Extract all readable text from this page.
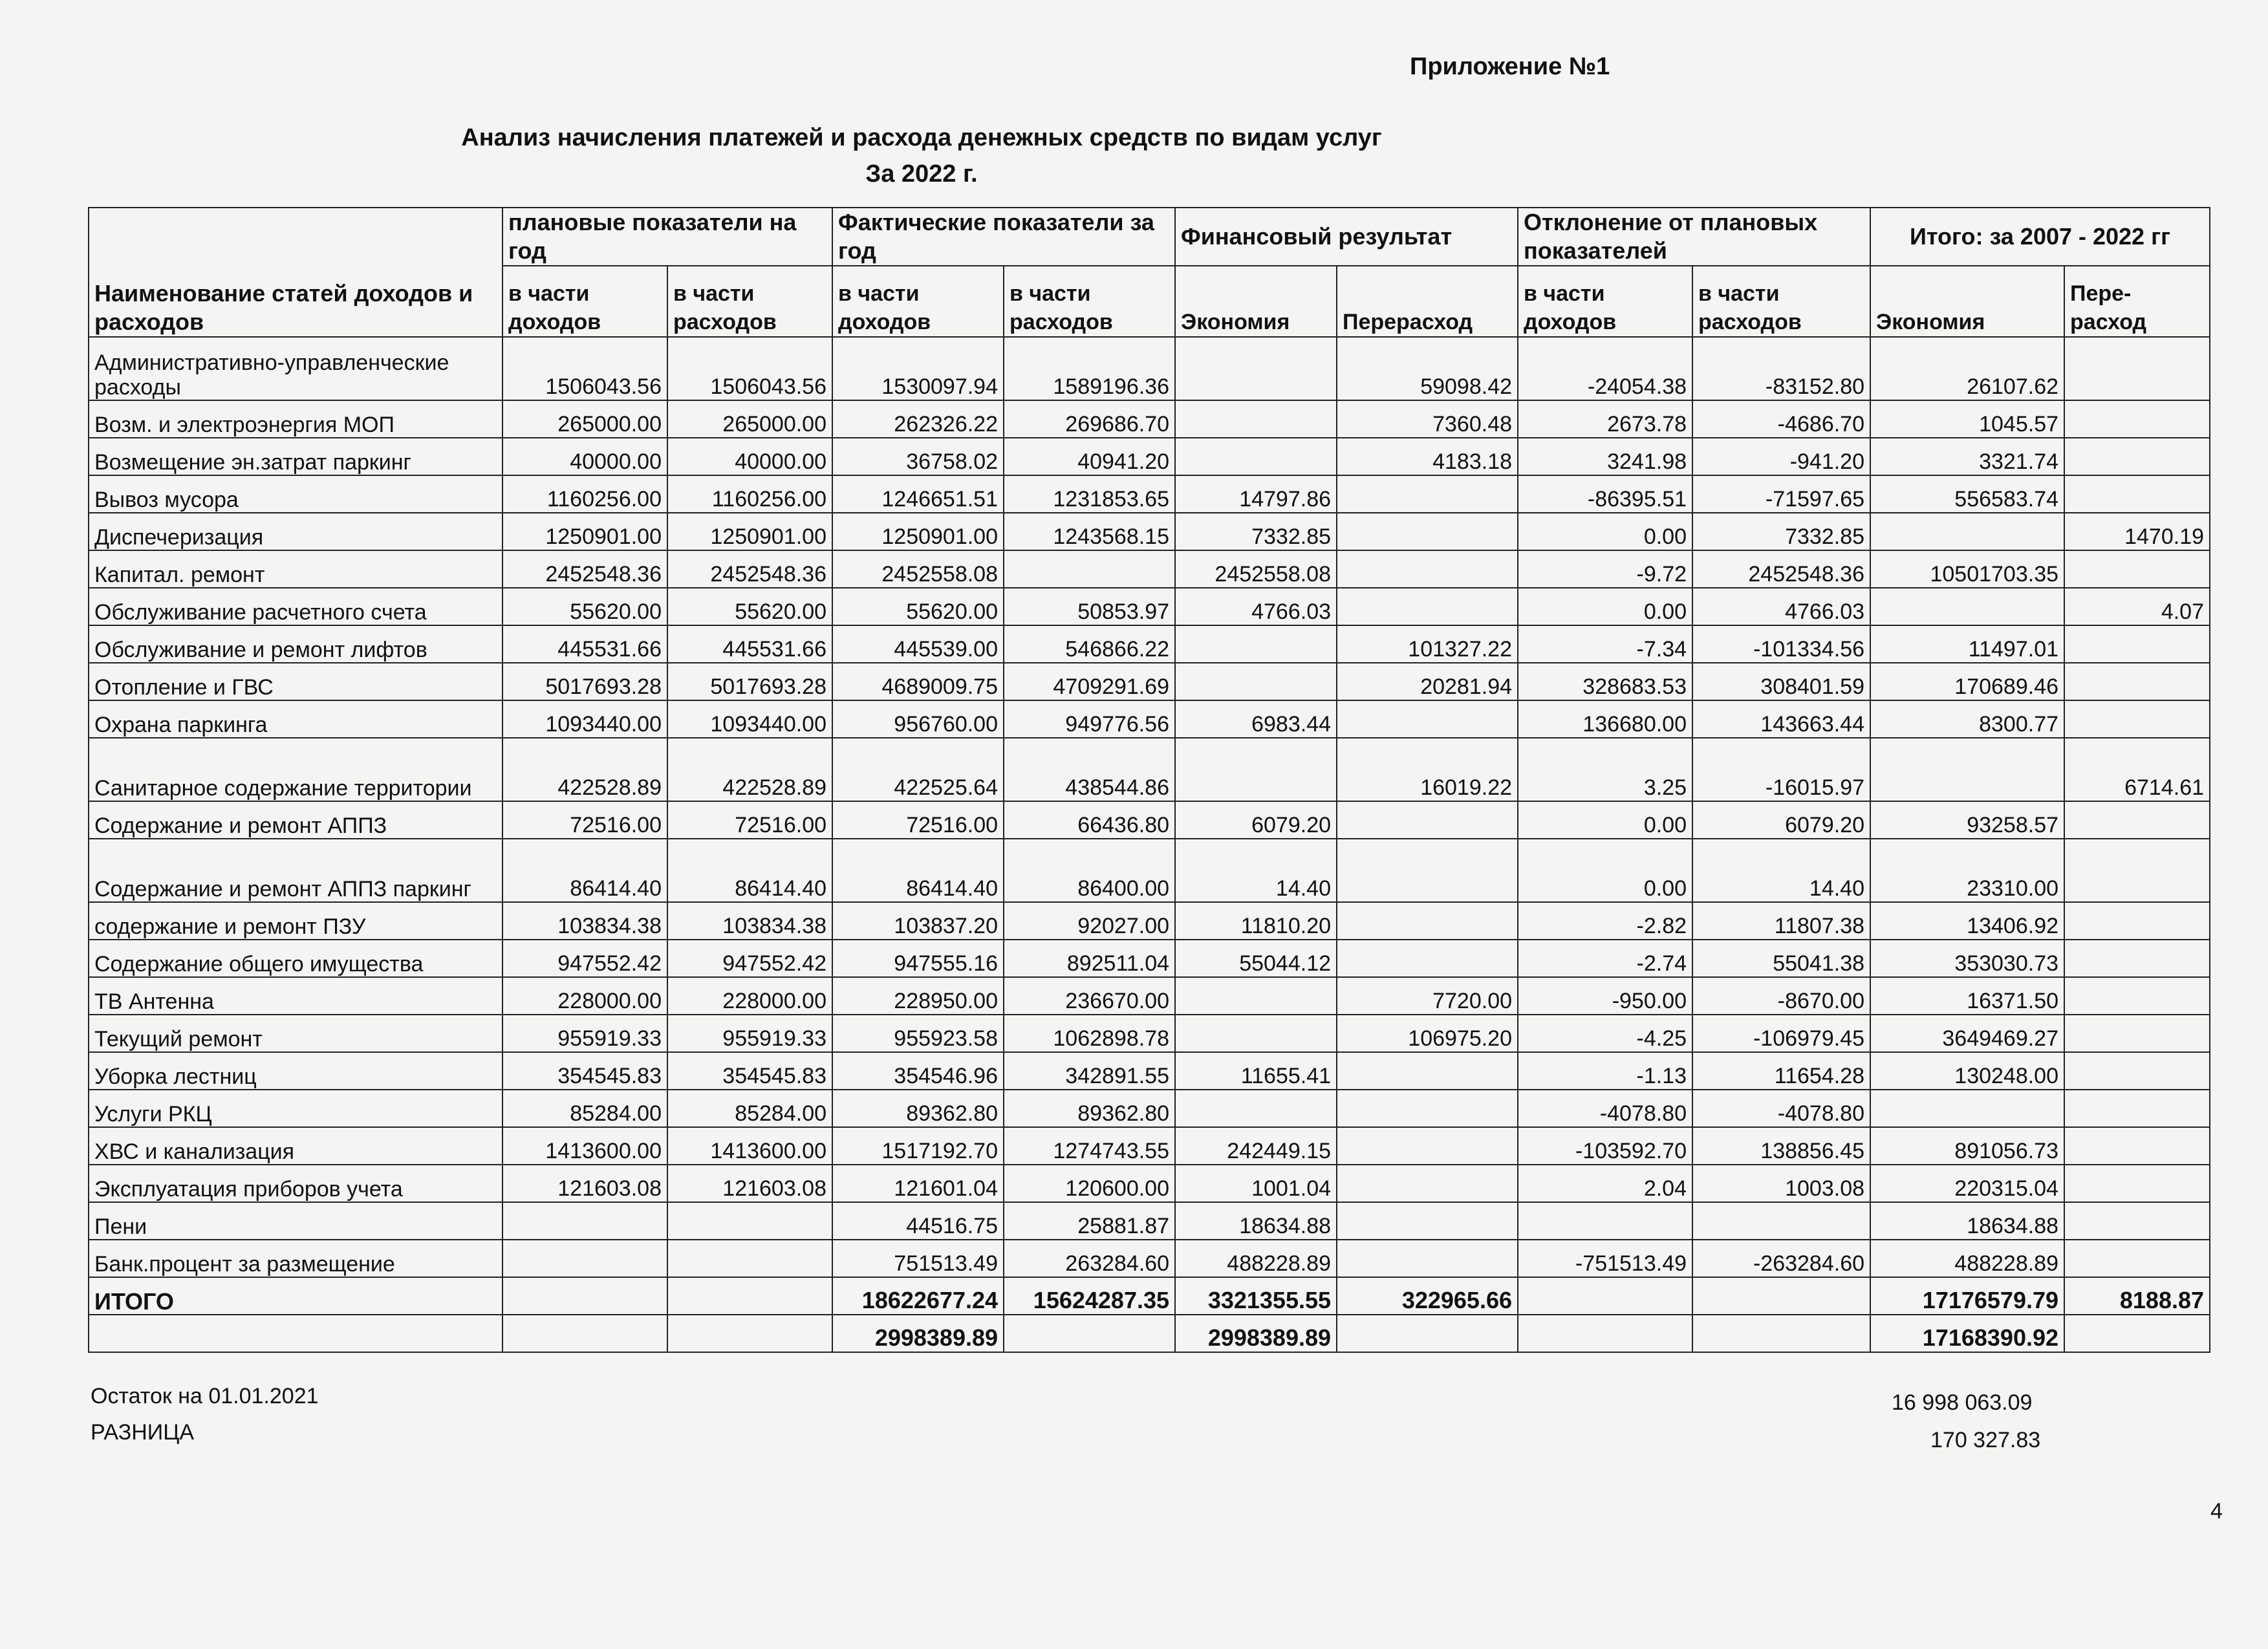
Приложение №1
Анализ начисления платежей и расхода денежных средств по видам услуг
За 2022 г.
Наименование статей доходов и расходов	плановые показатели на год		Фактические показатели за год		Финансовый результат		Отклонение от плановых показателей		Итого: за 2007 - 2022 гг	
	в части доходов	в части расходов	в части доходов	в части расходов	Экономия	Перерасход	в части доходов	в части расходов	Экономия	Пере-расход
Административно-управленческие расходы	1506043.56	1506043.56	1530097.94	1589196.36		59098.42	-24054.38	-83152.80	26107.62	
Возм. и электроэнергия МОП	265000.00	265000.00	262326.22	269686.70		7360.48	2673.78	-4686.70	1045.57	
Возмещение эн.затрат паркинг	40000.00	40000.00	36758.02	40941.20		4183.18	3241.98	-941.20	3321.74	
Вывоз мусора	1160256.00	1160256.00	1246651.51	1231853.65	14797.86		-86395.51	-71597.65	556583.74	
Диспечеризация	1250901.00	1250901.00	1250901.00	1243568.15	7332.85		0.00	7332.85		1470.19
Капитал. ремонт	2452548.36	2452548.36	2452558.08		2452558.08		-9.72	2452548.36	10501703.35	
Обслуживание расчетного счета	55620.00	55620.00	55620.00	50853.97	4766.03		0.00	4766.03		4.07
Обслуживание и ремонт лифтов	445531.66	445531.66	445539.00	546866.22		101327.22	-7.34	-101334.56	11497.01	
Отопление и ГВС	5017693.28	5017693.28	4689009.75	4709291.69		20281.94	328683.53	308401.59	170689.46	
Охрана паркинга	1093440.00	1093440.00	956760.00	949776.56	6983.44		136680.00	143663.44	8300.77	
Санитарное содержание территории	422528.89	422528.89	422525.64	438544.86		16019.22	3.25	-16015.97		6714.61
Содержание и ремонт АППЗ	72516.00	72516.00	72516.00	66436.80	6079.20		0.00	6079.20	93258.57	
Содержание и ремонт АППЗ паркинг	86414.40	86414.40	86414.40	86400.00	14.40		0.00	14.40	23310.00	
содержание и ремонт ПЗУ	103834.38	103834.38	103837.20	92027.00	11810.20		-2.82	11807.38	13406.92	
Содержание общего имущества	947552.42	947552.42	947555.16	892511.04	55044.12		-2.74	55041.38	353030.73	
ТВ Антенна	228000.00	228000.00	228950.00	236670.00		7720.00	-950.00	-8670.00	16371.50	
Текущий ремонт	955919.33	955919.33	955923.58	1062898.78		106975.20	-4.25	-106979.45	3649469.27	
Уборка лестниц	354545.83	354545.83	354546.96	342891.55	11655.41		-1.13	11654.28	130248.00	
Услуги РКЦ	85284.00	85284.00	89362.80	89362.80			-4078.80	-4078.80		
ХВС и канализация	1413600.00	1413600.00	1517192.70	1274743.55	242449.15		-103592.70	138856.45	891056.73	
Эксплуатация приборов учета	121603.08	121603.08	121601.04	120600.00	1001.04		2.04	1003.08	220315.04	
Пени			44516.75	25881.87	18634.88				18634.88	
Банк.процент за размещение			751513.49	263284.60	488228.89		-751513.49	-263284.60	488228.89	
ИТОГО			18622677.24	15624287.35	3321355.55	322965.66			17176579.79	8188.87
			2998389.89		2998389.89				17168390.92	
Остаток на 01.01.2021	16 998 063.09
РАЗНИЦА	170 327.83
4
